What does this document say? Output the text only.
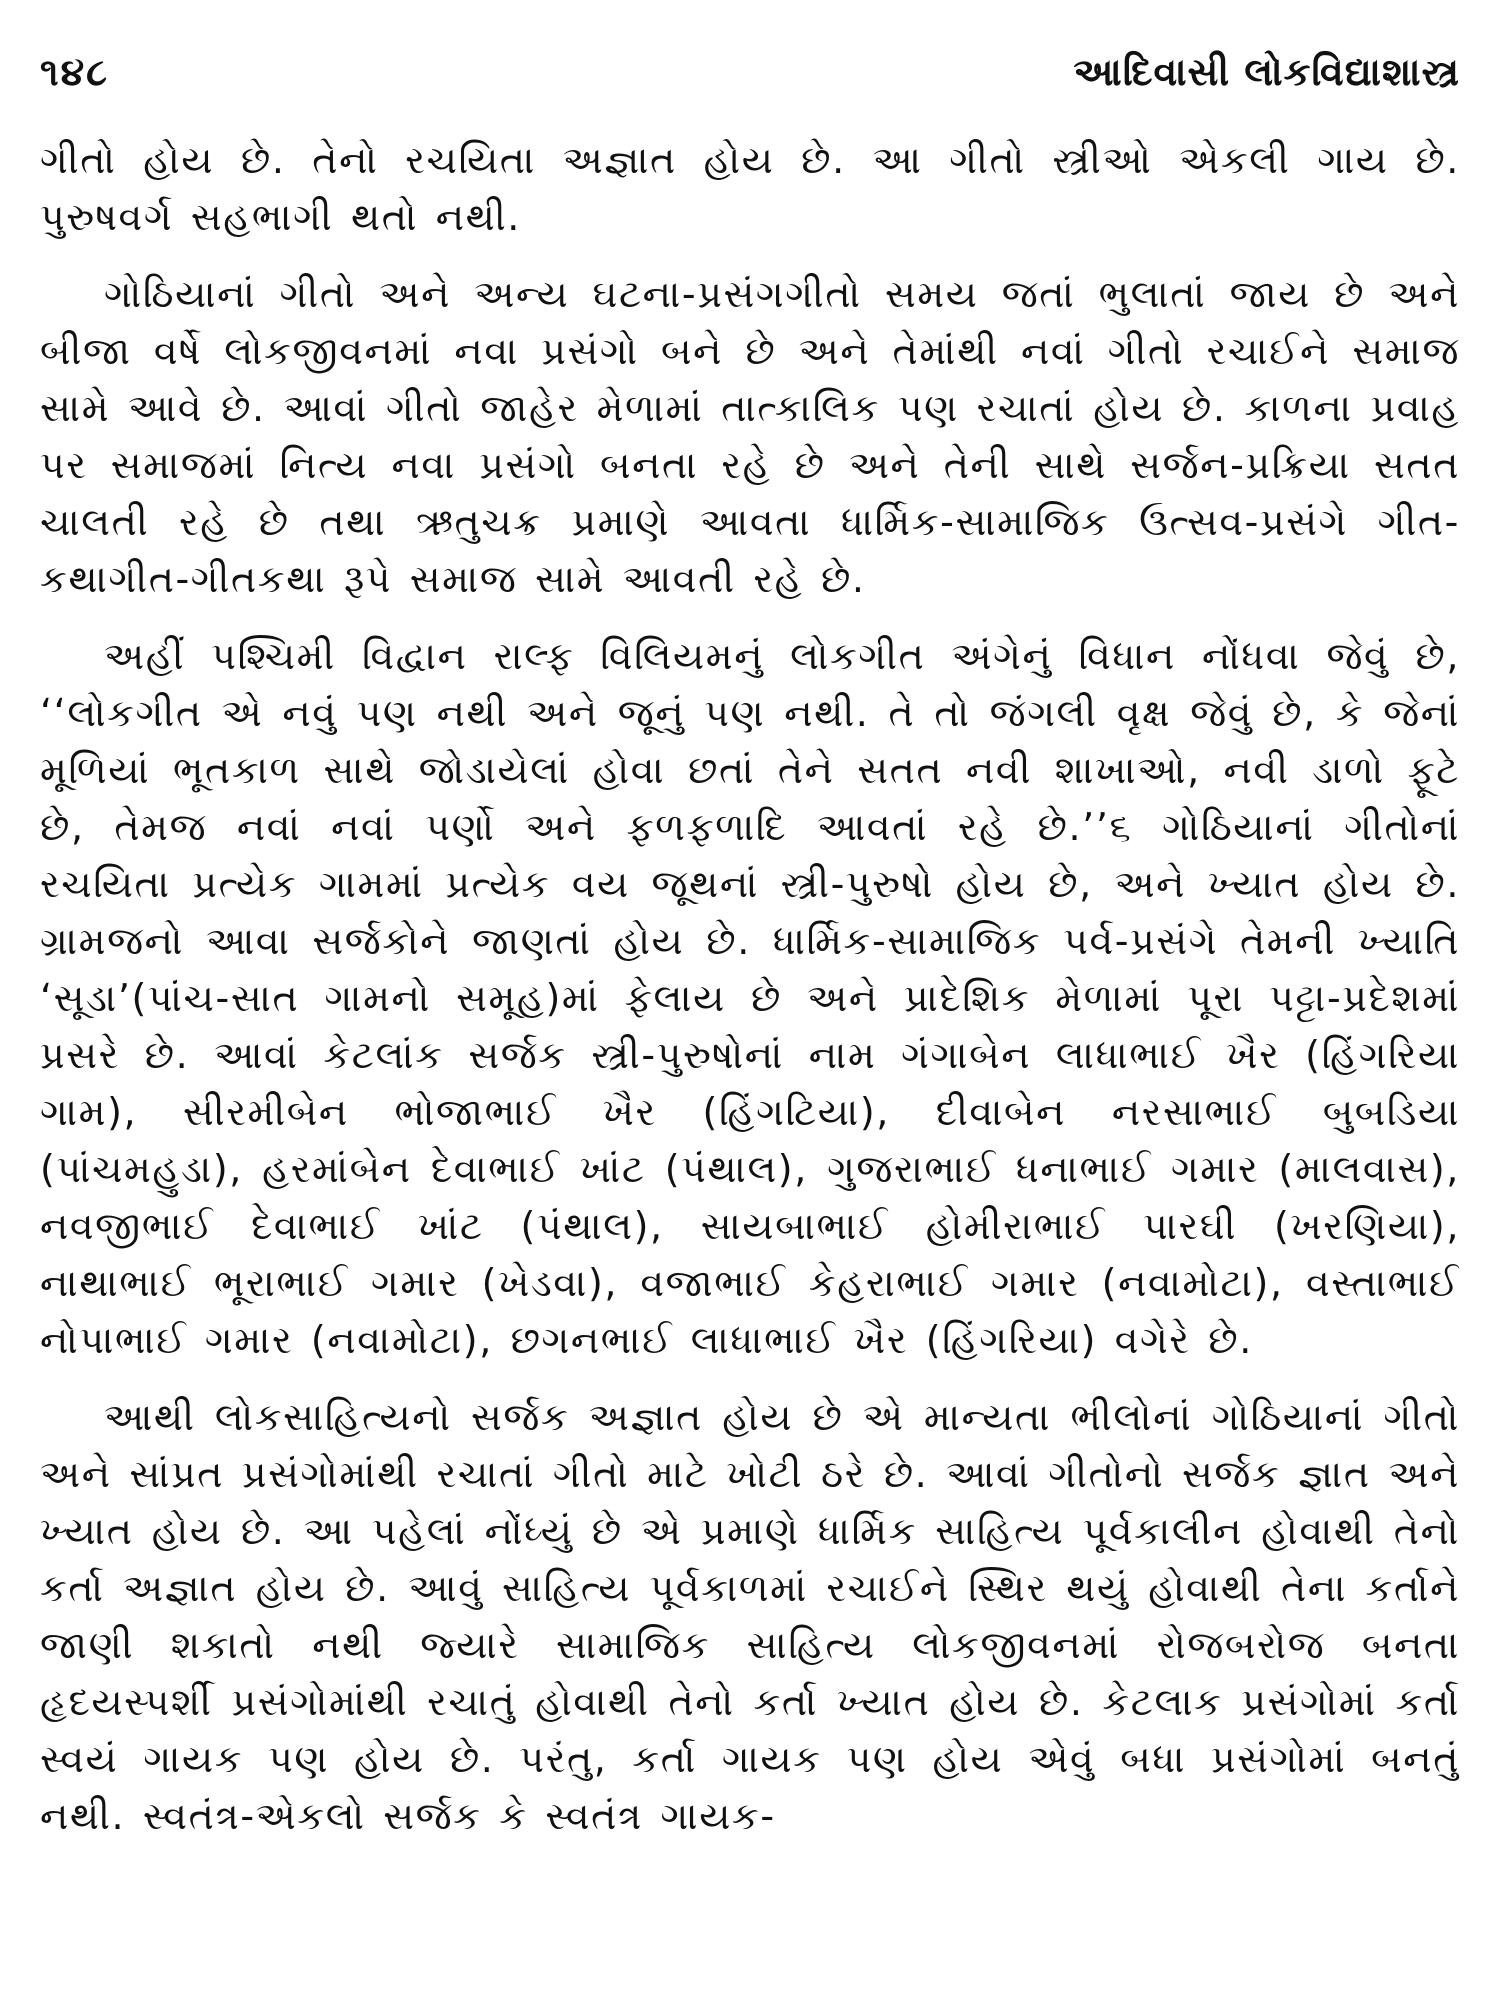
૧૪૮	આદિવાસી લોકવિદ્યાશાસ્ત્ર

ગીતો હોય છે. તેનો રચયિતા અજ્ઞાત હોય છે. આ ગીતો સ્ત્રીઓ એકલી ગાય છે. પુરુષવર્ગ સહભાગી થતો નથી.

ગોઠિયાનાં ગીતો અને અન્ય ઘટના-પ્રસંગગીતો સમય જતાં ભુલાતાં જાય છે અને બીજા વર્ષે લોકજીવનમાં નવા પ્રસંગો બને છે અને તેમાંથી નવાં ગીતો રચાઈને સમાજ સામે આવે છે. આવાં ગીતો જાહેર મેળામાં તાત્કાલિક પણ રચાતાં હોય છે. કાળના પ્રવાહ પર સમાજમાં નિત્ય નવા પ્રસંગો બનતા રહે છે અને તેની સાથે સર્જન-પ્રક્રિયા સતત ચાલતી રહે છે તથા ઋતુચક્ર પ્રમાણે આવતા ધાર્મિક-સામાજિક ઉત્સવ-પ્રસંગે ગીત-કથાગીત-ગીતકથા રૂપે સમાજ સામે આવતી રહે છે.

અહીં પશ્ચિમી વિદ્વાન રાલ્ફ વિલિયમનું લોકગીત અંગેનું વિધાન નોંધવા જેવું છે, ‘‘લોકગીત એ નવું પણ નથી અને જૂનું પણ નથી. તે તો જંગલી વૃક્ષ જેવું છે, કે જેનાં મૂળિયાં ભૂતકાળ સાથે જોડાયેલાં હોવા છતાં તેને સતત નવી શાખાઓ, નવી ડાળો ફૂટે છે, તેમજ નવાં નવાં પર્ણો અને ફળફળાદિ આવતાં રહે છે.’’૬ ગોઠિયાનાં ગીતોનાં રચયિતા પ્રત્યેક ગામમાં પ્રત્યેક વય જૂથનાં સ્ત્રી-પુરુષો હોય છે, અને ખ્યાત હોય છે. ગ્રામજનો આવા સર્જકોને જાણતાં હોય છે. ધાર્મિક-સામાજિક પર્વ-પ્રસંગે તેમની ખ્યાતિ ‘સૂડા’(પાંચ-સાત ગામનો સમૂહ)માં ફેલાય છે અને પ્રાદેશિક મેળામાં પૂરા પટ્ટા-પ્રદેશમાં પ્રસરે છે. આવાં કેટલાંક સર્જક સ્ત્રી-પુરુષોનાં નામ ગંગાબેન લાધાભાઈ ખૈર (હિંગરિયા ગામ), સીરમીબેન ભોજાભાઈ ખૈર (હિંગટિયા), દીવાબેન નરસાભાઈ બુબડિયા (પાંચમહુડા), હરમાંબેન દેવાભાઈ ખાંટ (પંથાલ), ગુજરાભાઈ ધનાભાઈ ગમાર (માલવાસ), નવજીભાઈ દેવાભાઈ ખાંટ (પંથાલ), સાયબાભાઈ હોમીરાભાઈ પારઘી (ખરણિયા), નાથાભાઈ ભૂરાભાઈ ગમાર (ખેડવા), વજાભાઈ કેહરાભાઈ ગમાર (નવામોટા), વસ્તાભાઈ નોપાભાઈ ગમાર (નવામોટા), છગનભાઈ લાધાભાઈ ખૈર (હિંગરિયા) વગેરે છે.

આથી લોકસાહિત્યનો સર્જક અજ્ઞાત હોય છે એ માન્યતા ભીલોનાં ગોઠિયાનાં ગીતો અને સાંપ્રત પ્રસંગોમાંથી રચાતાં ગીતો માટે ખોટી ઠરે છે. આવાં ગીતોનો સર્જક જ્ઞાત અને ખ્યાત હોય છે. આ પહેલાં નોંધ્યું છે એ પ્રમાણે ધાર્મિક સાહિત્ય પૂર્વકાલીન હોવાથી તેનો કર્તા અજ્ઞાત હોય છે. આવું સાહિત્ય પૂર્વકાળમાં રચાઈને સ્થિર થયું હોવાથી તેના કર્તાને જાણી શકાતો નથી જ્યારે સામાજિક સાહિત્ય લોકજીવનમાં રોજબરોજ બનતા હૃદયસ્પર્શી પ્રસંગોમાંથી રચાતું હોવાથી તેનો કર્તા ખ્યાત હોય છે. કેટલાક પ્રસંગોમાં કર્તા સ્વયં ગાયક પણ હોય છે. પરંતુ, કર્તા ગાયક પણ હોય એવું બધા પ્રસંગોમાં બનતું નથી. સ્વતંત્ર-એકલો સર્જક કે સ્વતંત્ર ગાયક-
